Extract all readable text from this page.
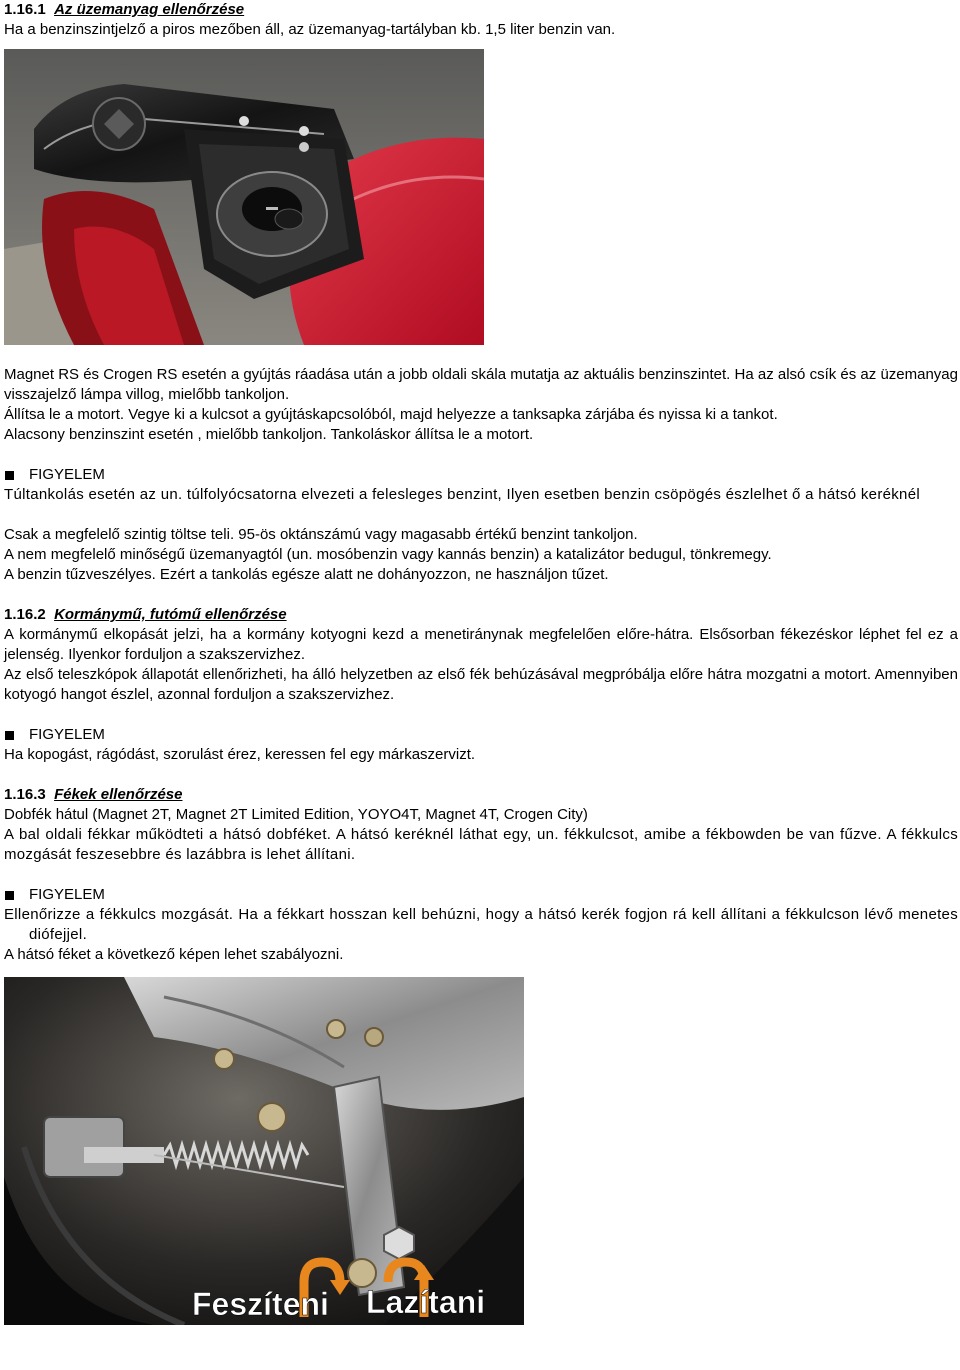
1.16.1 Az üzemanyag ellenőrzése

Ha a benzinszintjelző a piros mezőben áll, az üzemanyag-tartályban kb. 1,5 liter benzin van.

Magnet RS és Crogen RS esetén a gyújtás ráadása után a jobb oldali skála mutatja az aktuális benzinszintet. Ha az alsó csík és az üzemanyag visszajelző lámpa villog, mielőbb tankoljon.

Állítsa le a motort. Vegye ki a kulcsot a gyújtáskapcsolóból, majd helyezze a tanksapka zárjába és nyissa ki a tankot.

Alacsony benzinszint esetén , mielőbb tankoljon. Tankoláskor állítsa le a motort.

FIGYELEM

Túltankolás esetén az un. túlfolyócsatorna elvezeti a felesleges benzint, Ilyen esetben benzin csöpögés észlelhet ő a hátsó keréknél

Csak a megfelelő szintig töltse teli. 95-ös oktánszámú vagy magasabb értékű benzint tankoljon.

A nem megfelelő minőségű üzemanyagtól (un. mosóbenzin vagy kannás benzin) a katalizátor bedugul, tönkremegy.

A benzin tűzveszélyes. Ezért a tankolás egésze alatt ne dohányozzon, ne használjon tűzet.

1.16.2 Kormánymű, futómű ellenőrzése

A kormánymű elkopását jelzi, ha a kormány kotyogni kezd a menetiránynak megfelelően előre-hátra. Elsősorban fékezéskor léphet fel ez a jelenség. Ilyenkor forduljon a szakszervizhez.

Az első teleszkópok állapotát ellenőrizheti, ha álló helyzetben az első fék behúzásával megpróbálja előre hátra mozgatni a motort. Amennyiben kotyogó hangot észlel, azonnal forduljon a szakszervizhez.

FIGYELEM

Ha kopogást, rágódást, szorulást érez, keressen fel egy márkaszervizt.

1.16.3 Fékek ellenőrzése

Dobfék hátul (Magnet 2T, Magnet 2T Limited Edition, YOYO4T, Magnet 4T, Crogen City)

A bal oldali fékkar működteti a hátsó dobféket. A hátsó keréknél láthat egy, un. fékkulcsot, amibe a fékbowden be van fűzve. A fékkulcs mozgását feszesebbre és lazábbra is lehet állítani.

FIGYELEM

Ellenőrizze a fékkulcs mozgását. Ha a fékkart hosszan kell behúzni, hogy a hátsó kerék fogjon rá kell állítani a fékkulcson lévő menetes diófejjel.

A hátsó féket a következő képen lehet szabályozni.

Feszíteni Lazítani
